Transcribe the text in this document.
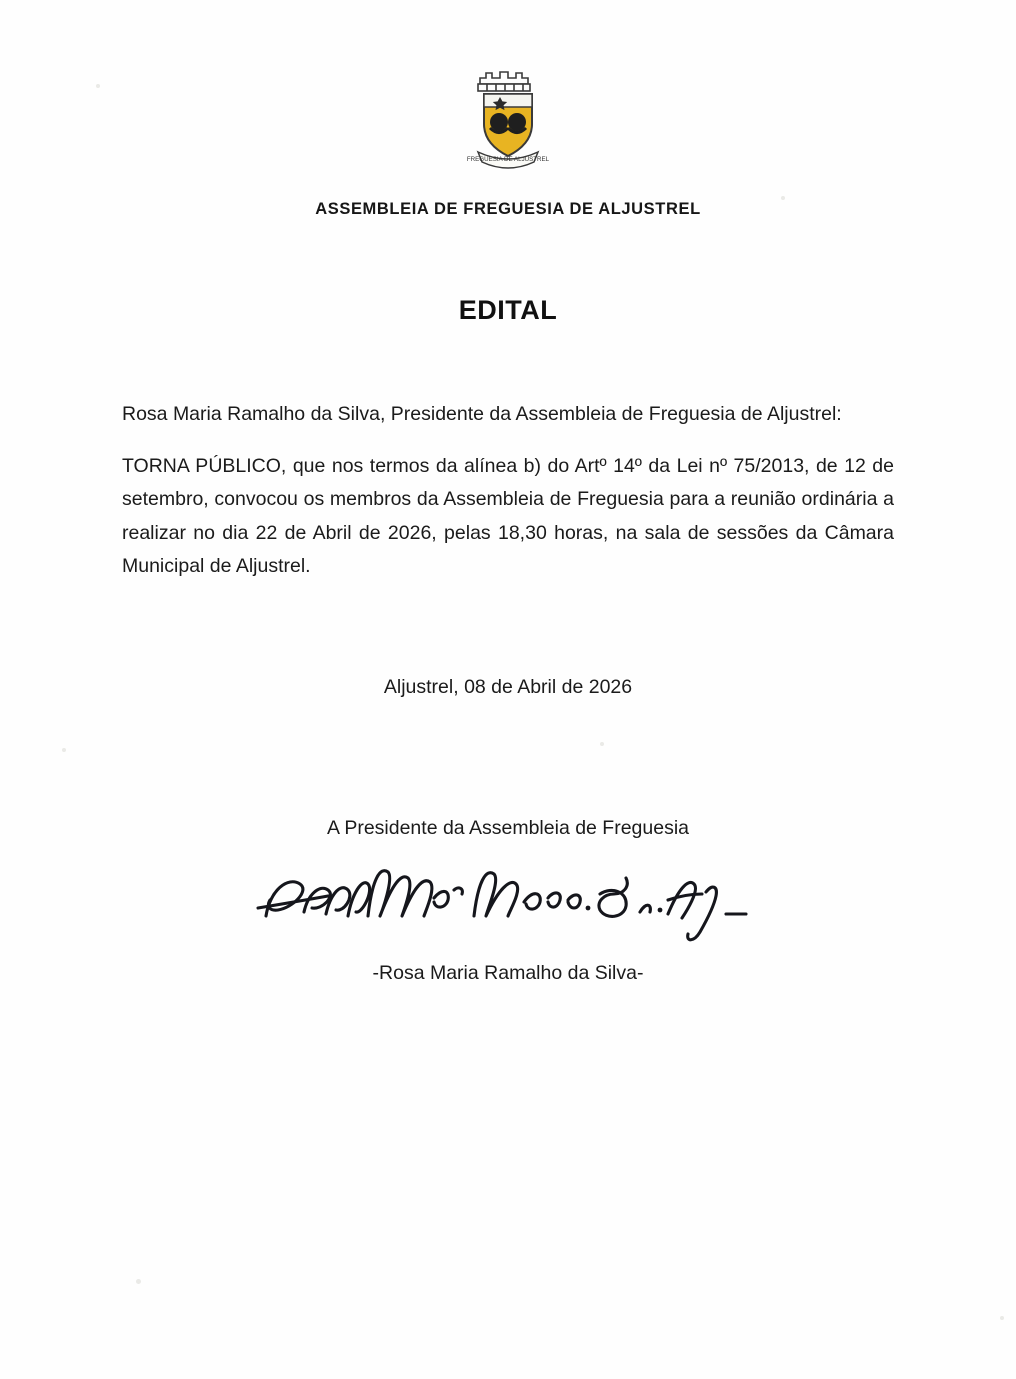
FREGUESIA DE ALJUSTREL
ASSEMBLEIA DE FREGUESIA DE ALJUSTREL
EDITAL
Rosa Maria Ramalho da Silva, Presidente da Assembleia de Freguesia de Aljustrel:
TORNA PÚBLICO, que nos termos da alínea b) do Artº 14º da Lei nº 75/2013, de 12 de setembro, convocou os membros da Assembleia de Freguesia para a reunião ordinária a realizar no dia 22 de Abril de 2026, pelas 18,30 horas, na sala de sessões da Câmara Municipal de Aljustrel.
Aljustrel, 08 de Abril de 2026
A Presidente da Assembleia de Freguesia
-Rosa Maria Ramalho da Silva-
